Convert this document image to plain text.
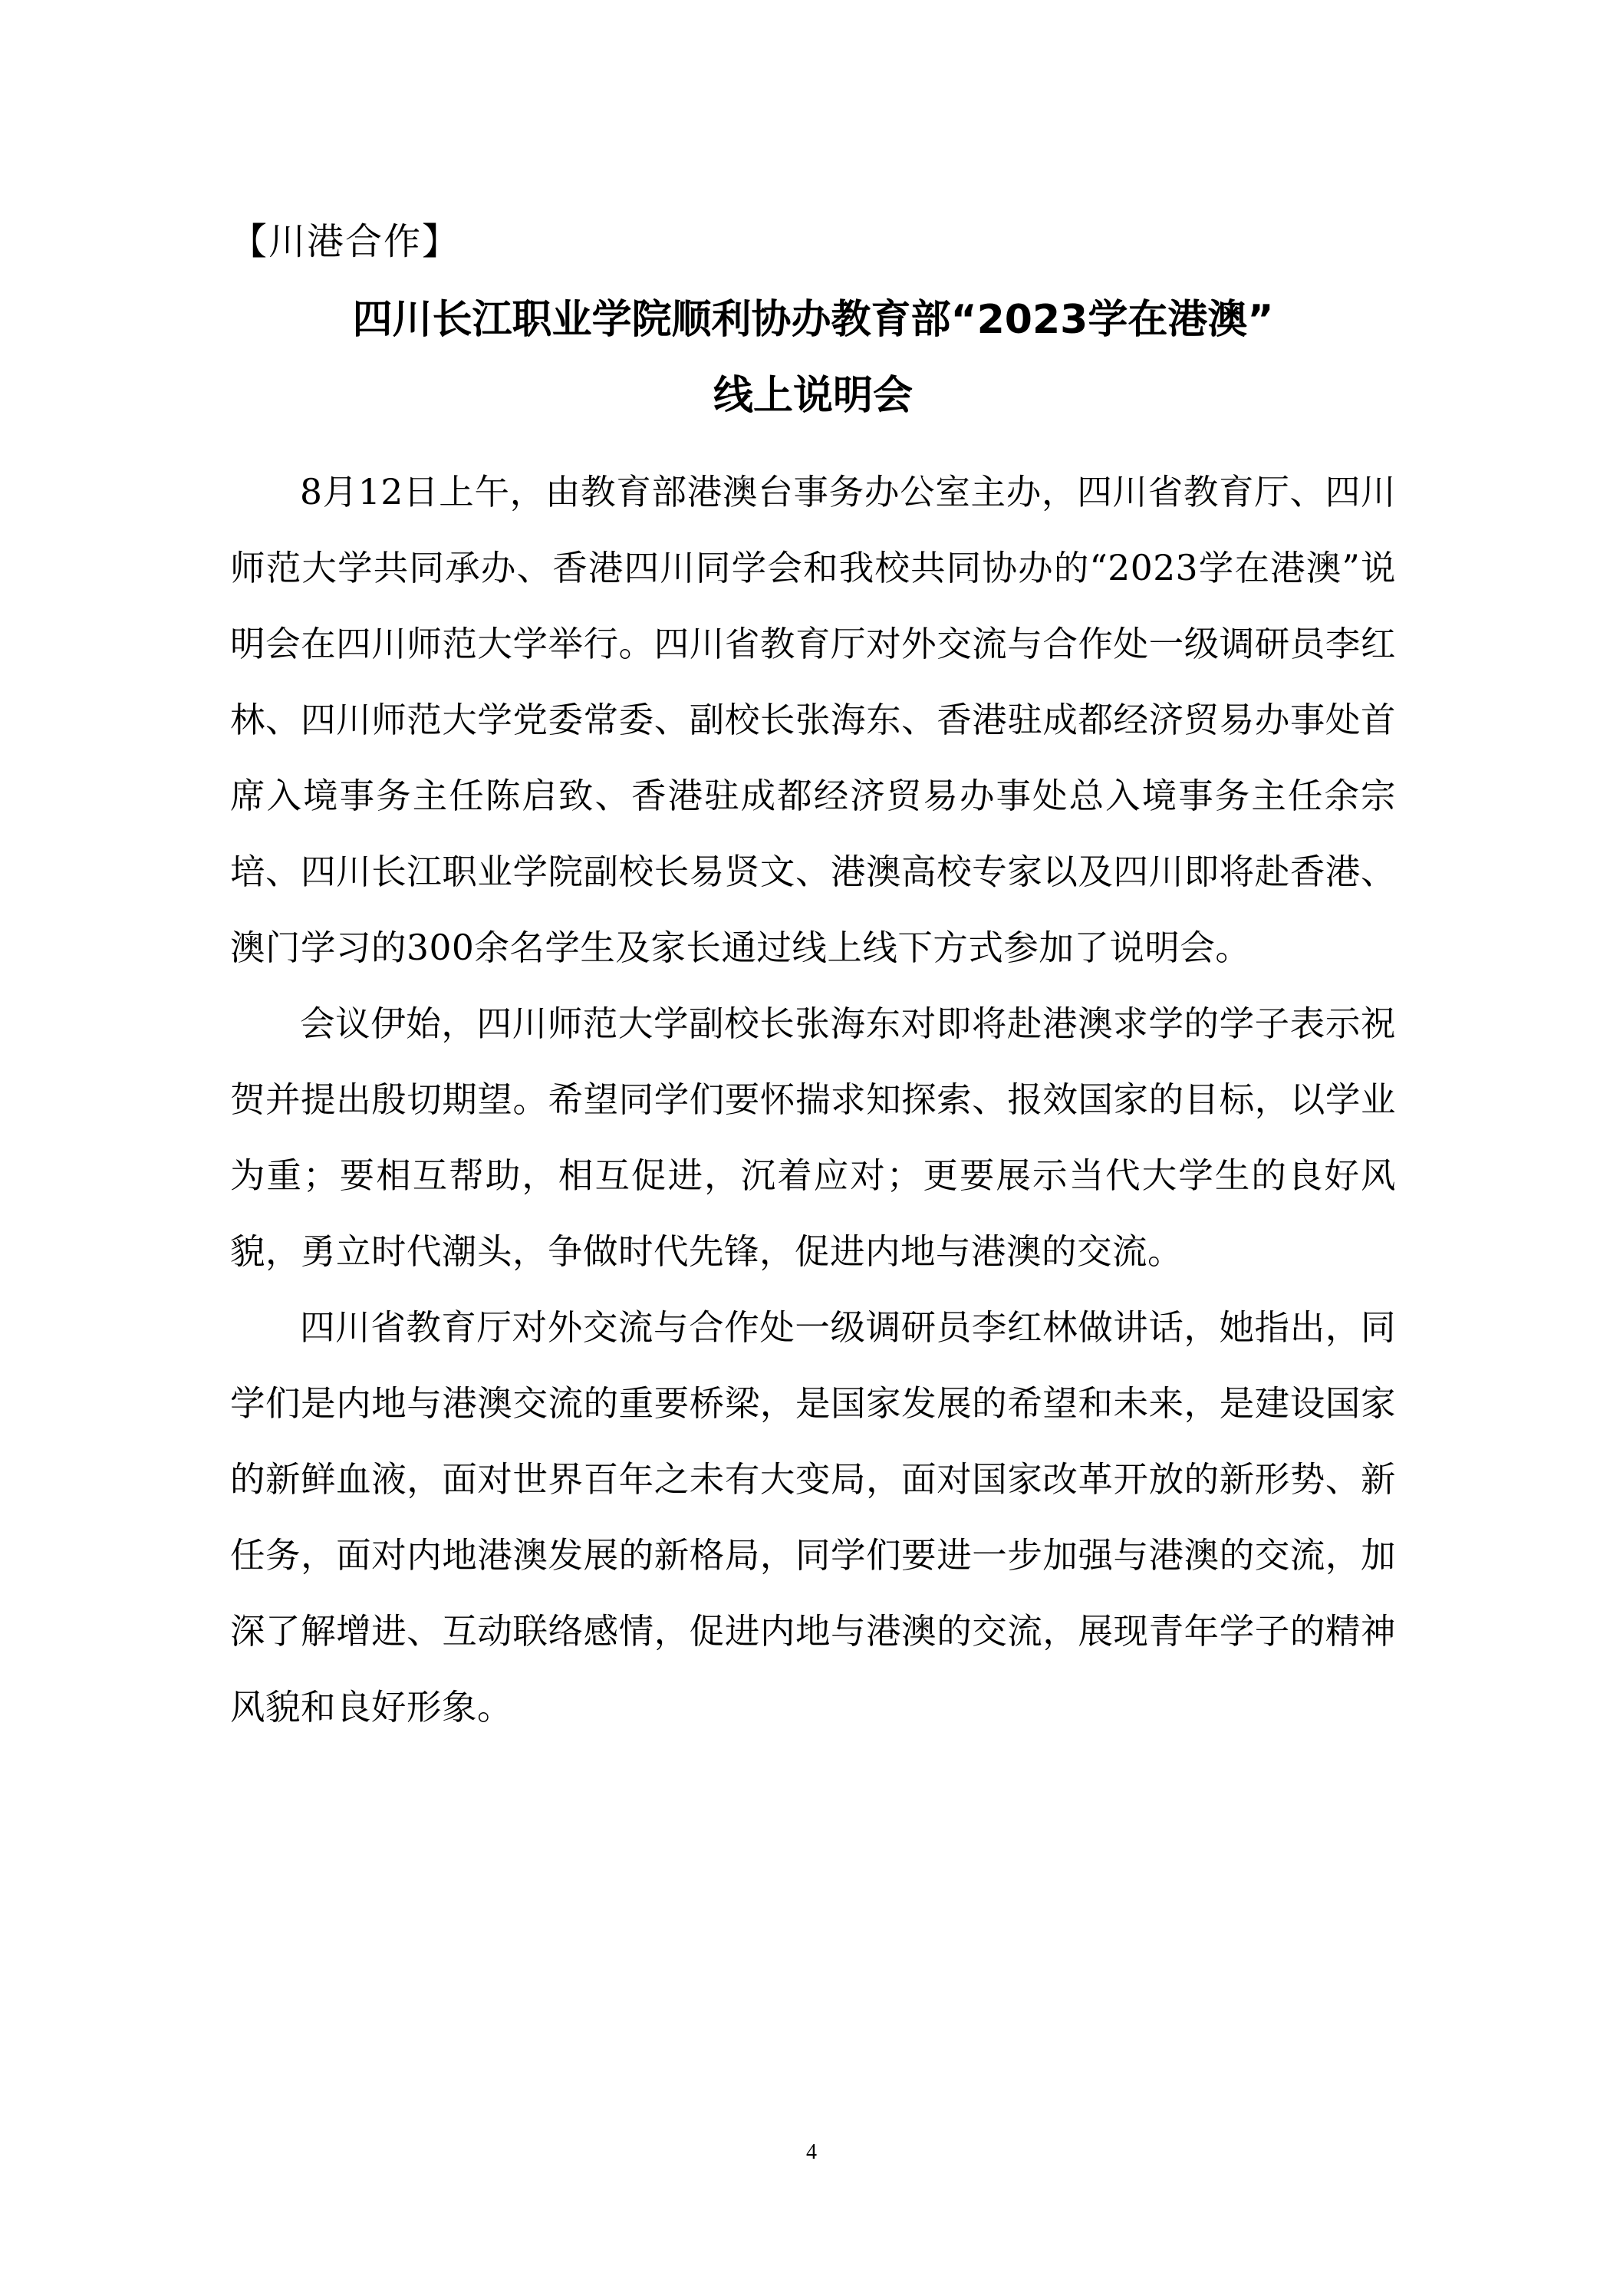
【川港合作】
四川长江职业学院顺利协办教育部“2023学在港澳”
线上说明会

8月12日上午，由教育部港澳台事务办公室主办，四川省教育厅、四川师范大学共同承办、香港四川同学会和我校共同协办的“2023学在港澳”说明会在四川师范大学举行。四川省教育厅对外交流与合作处一级调研员李红林、四川师范大学党委常委、副校长张海东、香港驻成都经济贸易办事处首席入境事务主任陈启致、香港驻成都经济贸易办事处总入境事务主任余宗培、四川长江职业学院副校长易贤文、港澳高校专家以及四川即将赴香港、澳门学习的300余名学生及家长通过线上线下方式参加了说明会。

会议伊始，四川师范大学副校长张海东对即将赴港澳求学的学子表示祝贺并提出殷切期望。希望同学们要怀揣求知探索、报效国家的目标，以学业为重；要相互帮助，相互促进，沉着应对；更要展示当代大学生的良好风貌，勇立时代潮头，争做时代先锋，促进内地与港澳的交流。

四川省教育厅对外交流与合作处一级调研员李红林做讲话，她指出，同学们是内地与港澳交流的重要桥梁，是国家发展的希望和未来，是建设国家的新鲜血液，面对世界百年之未有大变局，面对国家改革开放的新形势、新任务，面对内地港澳发展的新格局，同学们要进一步加强与港澳的交流，加深了解增进、互动联络感情，促进内地与港澳的交流，展现青年学子的精神风貌和良好形象。

4
